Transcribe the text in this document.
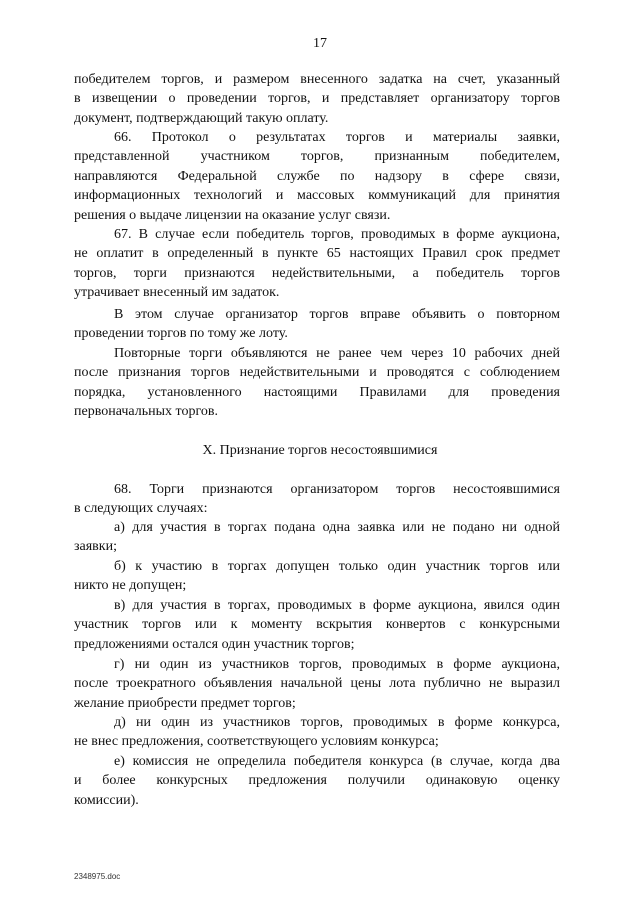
17
победителем торгов, и размером внесенного задатка на счет, указанный
в извещении о проведении торгов, и представляет организатору торгов
документ, подтверждающий такую оплату.
66. Протокол о результатах торгов и материалы заявки,
представленной участником торгов, признанным победителем,
направляются Федеральной службе по надзору в сфере связи,
информационных технологий и массовых коммуникаций для принятия
решения о выдаче лицензии на оказание услуг связи.
67. В случае если победитель торгов, проводимых в форме аукциона,
не оплатит в определенный в пункте 65 настоящих Правил срок предмет
торгов, торги признаются недействительными, а победитель торгов
утрачивает внесенный им задаток.
В этом случае организатор торгов вправе объявить о повторном
проведении торгов по тому же лоту.
Повторные торги объявляются не ранее чем через 10 рабочих дней
после признания торгов недействительными и проводятся с соблюдением
порядка, установленного настоящими Правилами для проведения
первоначальных торгов.
X. Признание торгов несостоявшимися
68. Торги признаются организатором торгов несостоявшимися
в следующих случаях:
а) для участия в торгах подана одна заявка или не подано ни одной
заявки;
б) к участию в торгах допущен только один участник торгов или
никто не допущен;
в) для участия в торгах, проводимых в форме аукциона, явился один
участник торгов или к моменту вскрытия конвертов с конкурсными
предложениями остался один участник торгов;
г) ни один из участников торгов, проводимых в форме аукциона,
после троекратного объявления начальной цены лота публично не выразил
желание приобрести предмет торгов;
д) ни один из участников торгов, проводимых в форме конкурса,
не внес предложения, соответствующего условиям конкурса;
е) комиссия не определила победителя конкурса (в случае, когда два
и более конкурсных предложения получили одинаковую оценку
комиссии).
2348975.doc
